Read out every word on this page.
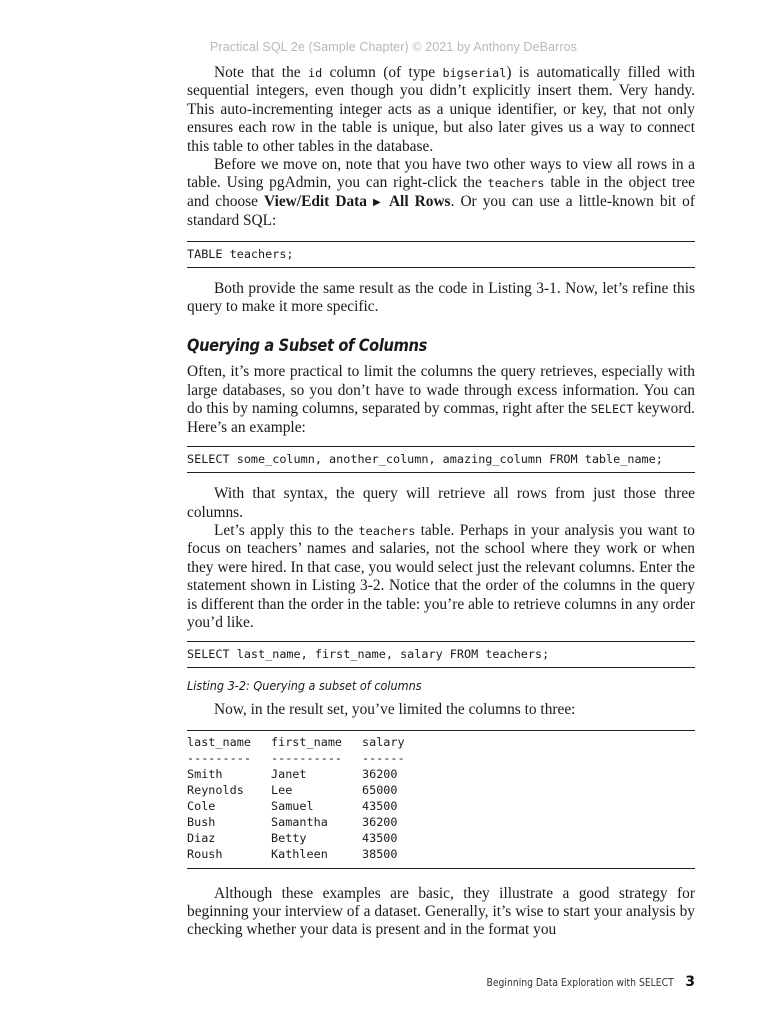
Practical SQL 2e (Sample Chapter) © 2021 by Anthony DeBarros

Note that the id column (of type bigserial) is automatically filled with sequential integers, even though you didn’t explicitly insert them. Very handy. This auto-incrementing integer acts as a unique identifier, or key, that not only ensures each row in the table is unique, but also later gives us a way to connect this table to other tables in the database.

Before we move on, note that you have two other ways to view all rows in a table. Using pgAdmin, you can right-click the teachers table in the object tree and choose View/Edit Data ▶ All Rows. Or you can use a little-known bit of standard SQL:

TABLE teachers;

Both provide the same result as the code in Listing 3-1. Now, let’s refine this query to make it more specific.

Querying a Subset of Columns

Often, it’s more practical to limit the columns the query retrieves, especially with large databases, so you don’t have to wade through excess information. You can do this by naming columns, separated by commas, right after the SELECT keyword. Here’s an example:

SELECT some_column, another_column, amazing_column FROM table_name;

With that syntax, the query will retrieve all rows from just those three columns.

Let’s apply this to the teachers table. Perhaps in your analysis you want to focus on teachers’ names and salaries, not the school where they work or when they were hired. In that case, you would select just the relevant columns. Enter the statement shown in Listing 3-2. Notice that the order of the columns in the query is different than the order in the table: you’re able to retrieve columns in any order you’d like.

SELECT last_name, first_name, salary FROM teachers;
Listing 3-2: Querying a subset of columns

Now, in the result set, you’ve limited the columns to three:

last_name	first_name	salary
---------	----------	------
Smith	Janet	36200
Reynolds	Lee	65000
Cole	Samuel	43500
Bush	Samantha	36200
Diaz	Betty	43500
Roush	Kathleen	38500

Although these examples are basic, they illustrate a good strategy for beginning your interview of a dataset. Generally, it’s wise to start your analysis by checking whether your data is present and in the format you

Beginning Data Exploration with SELECT 3
